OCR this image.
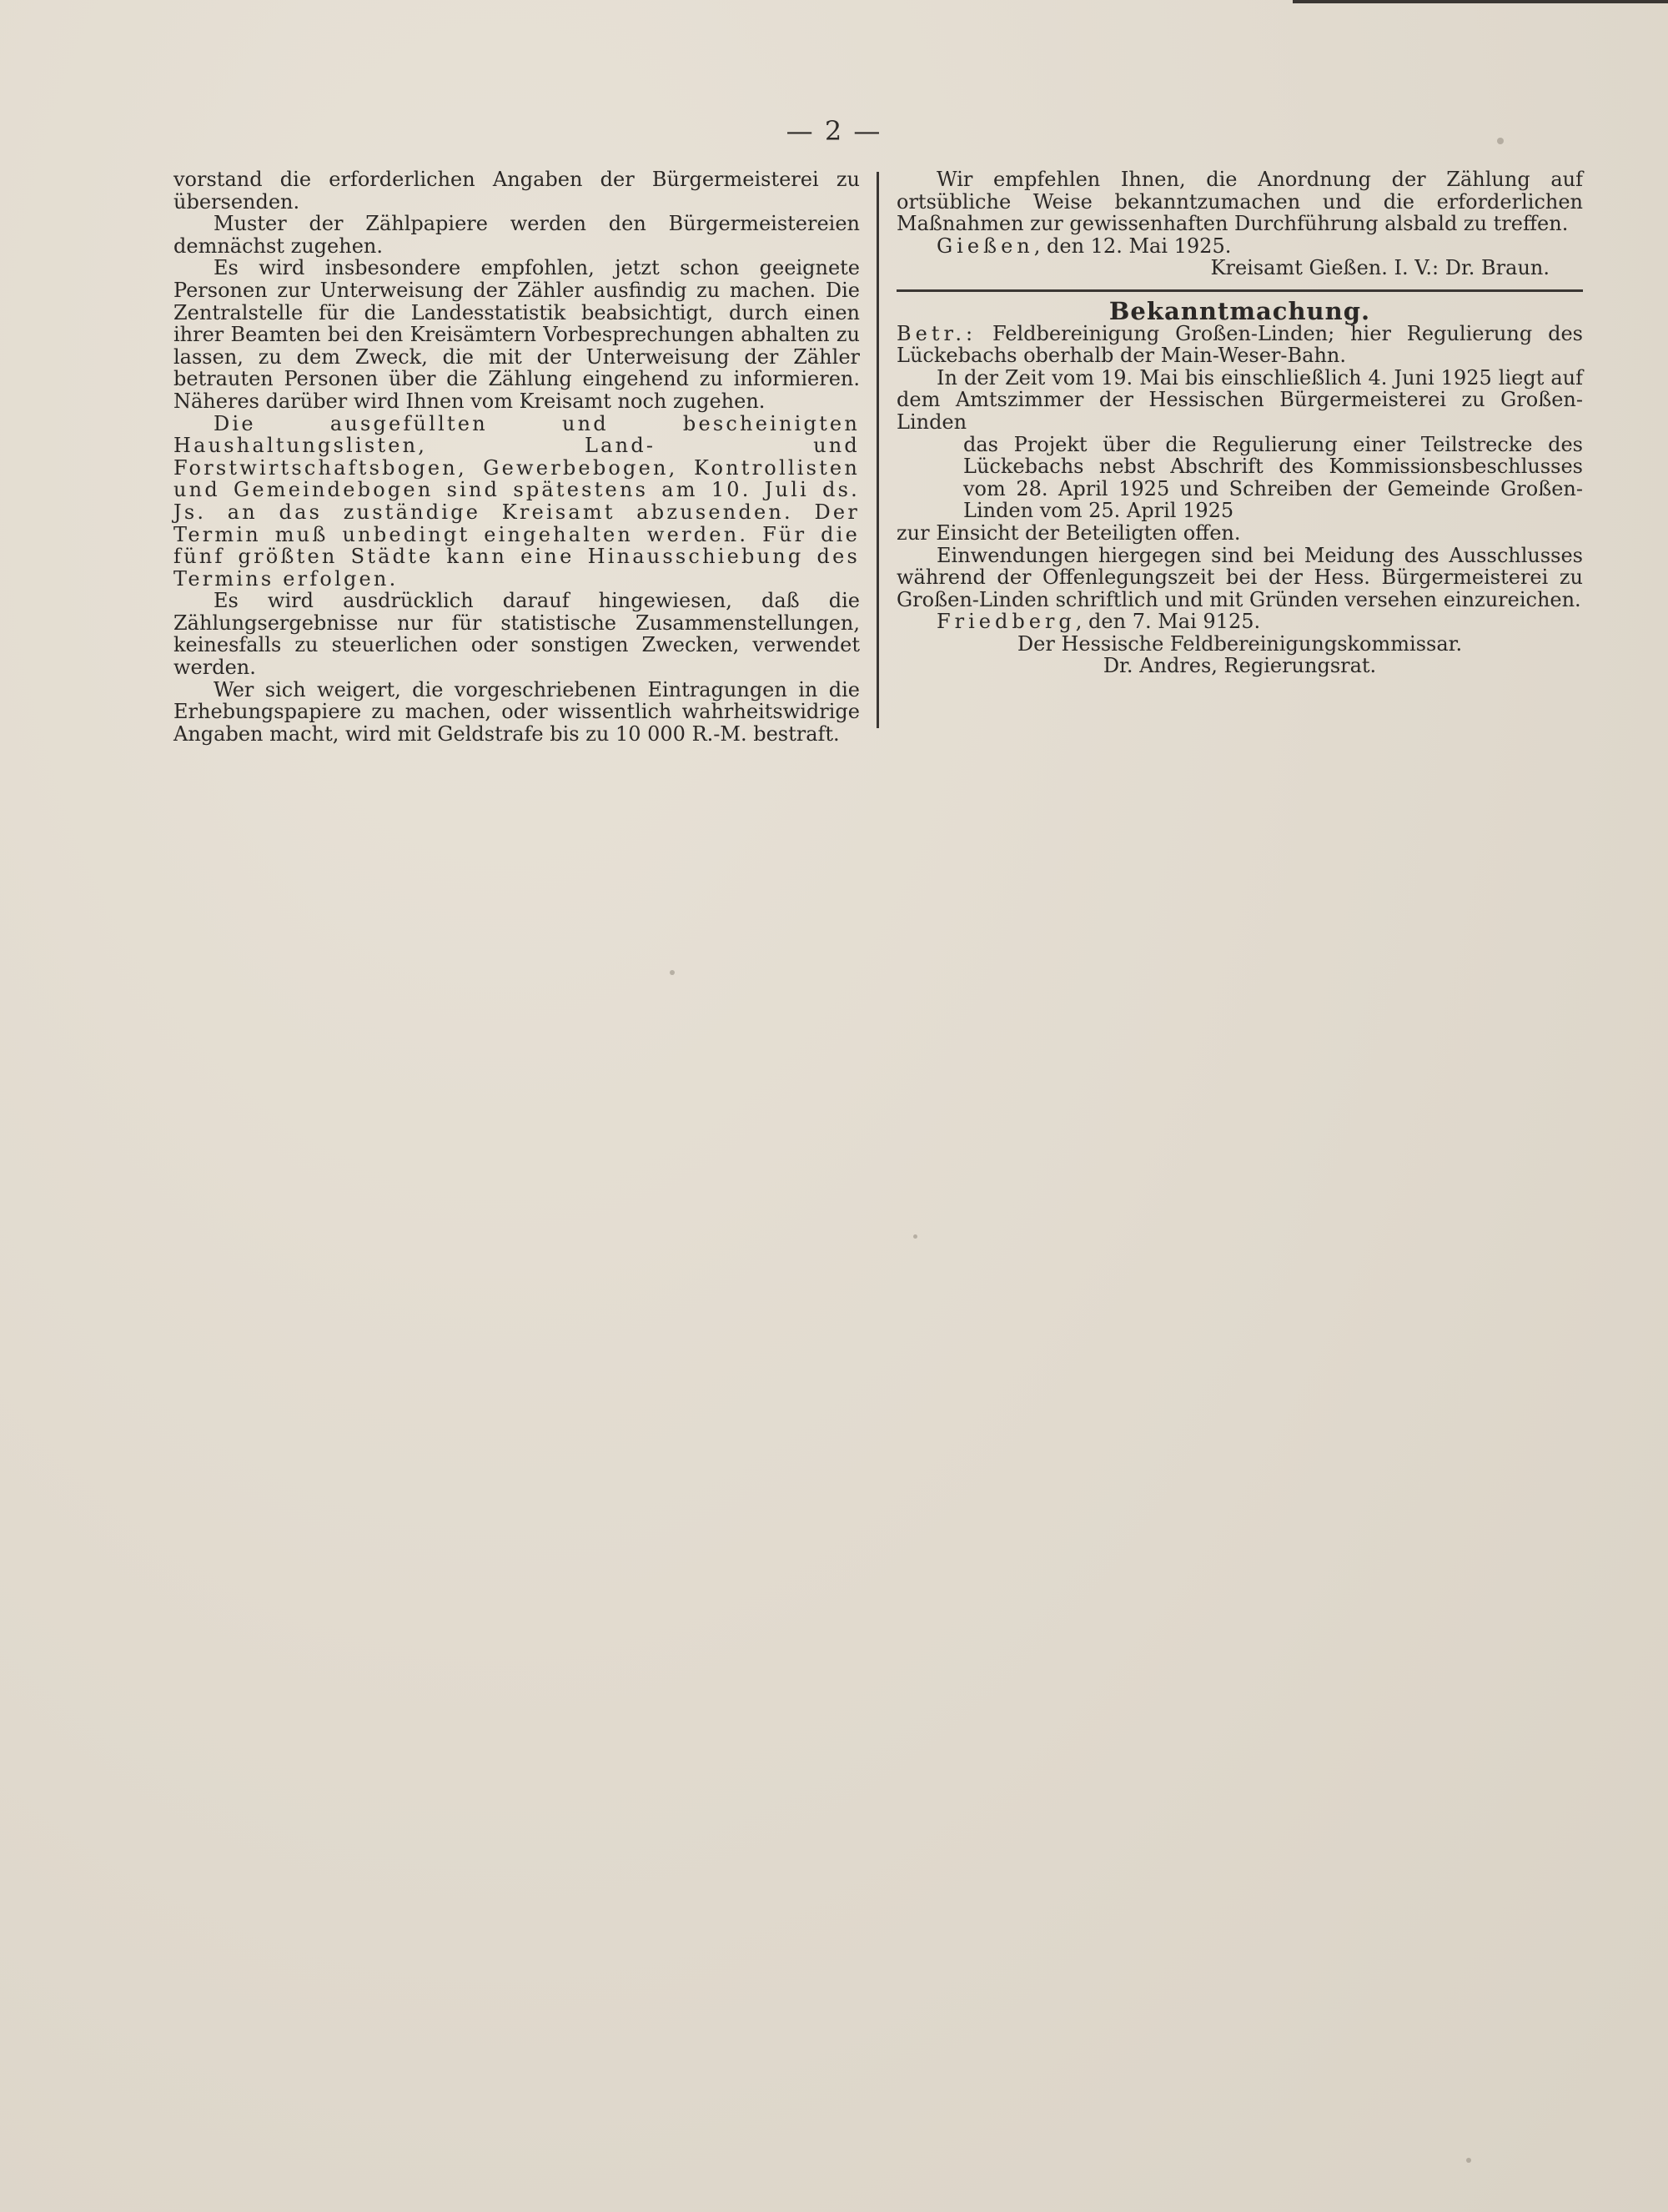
— 2 —

vorstand die erforderlichen Angaben der Bürgermeisterei zu übersenden.

Muster der Zählpapiere werden den Bürgermeistereien demnächst zugehen.

Es wird insbesondere empfohlen, jetzt schon geeignete Personen zur Unterweisung der Zähler ausfindig zu machen. Die Zentralstelle für die Landesstatistik beabsichtigt, durch einen ihrer Beamten bei den Kreisämtern Vorbesprechungen abhalten zu lassen, zu dem Zweck, die mit der Unterweisung der Zähler betrauten Personen über die Zählung eingehend zu informieren. Näheres darüber wird Ihnen vom Kreisamt noch zugehen.

Die ausgefüllten und bescheinigten Haushaltungslisten, Land- und Forstwirtschaftsbogen, Gewerbebogen, Kontrollisten und Gemeindebogen sind spätestens am 10. Juli ds. Js. an das zuständige Kreisamt abzusenden. Der Termin muß unbedingt eingehalten werden. Für die fünf größten Städte kann eine Hinausschiebung des Termins erfolgen.

Es wird ausdrücklich darauf hingewiesen, daß die Zählungsergebnisse nur für statistische Zusammenstellungen, keinesfalls zu steuerlichen oder sonstigen Zwecken, verwendet werden.

Wer sich weigert, die vorgeschriebenen Eintragungen in die Erhebungspapiere zu machen, oder wissentlich wahrheitswidrige Angaben macht, wird mit Geldstrafe bis zu 10 000 R.-M. bestraft.

Wir empfehlen Ihnen, die Anordnung der Zählung auf ortsübliche Weise bekanntzumachen und die erforderlichen Maßnahmen zur gewissenhaften Durchführung alsbald zu treffen.

Gießen, den 12. Mai 1925.

Kreisamt Gießen. I. V.: Dr. Braun.

Bekanntmachung.

Betr.: Feldbereinigung Großen-Linden; hier Regulierung des Lückebachs oberhalb der Main-Weser-Bahn.

In der Zeit vom 19. Mai bis einschließlich 4. Juni 1925 liegt auf dem Amtszimmer der Hessischen Bürgermeisterei zu Großen-Linden

das Projekt über die Regulierung einer Teilstrecke des Lückebachs nebst Abschrift des Kommissionsbeschlusses vom 28. April 1925 und Schreiben der Gemeinde Großen-Linden vom 25. April 1925

zur Einsicht der Beteiligten offen.

Einwendungen hiergegen sind bei Meidung des Ausschlusses während der Offenlegungszeit bei der Hess. Bürgermeisterei zu Großen-Linden schriftlich und mit Gründen versehen einzureichen.

Friedberg, den 7. Mai 9125.

Der Hessische Feldbereinigungskommissar.

Dr. Andres, Regierungsrat.
